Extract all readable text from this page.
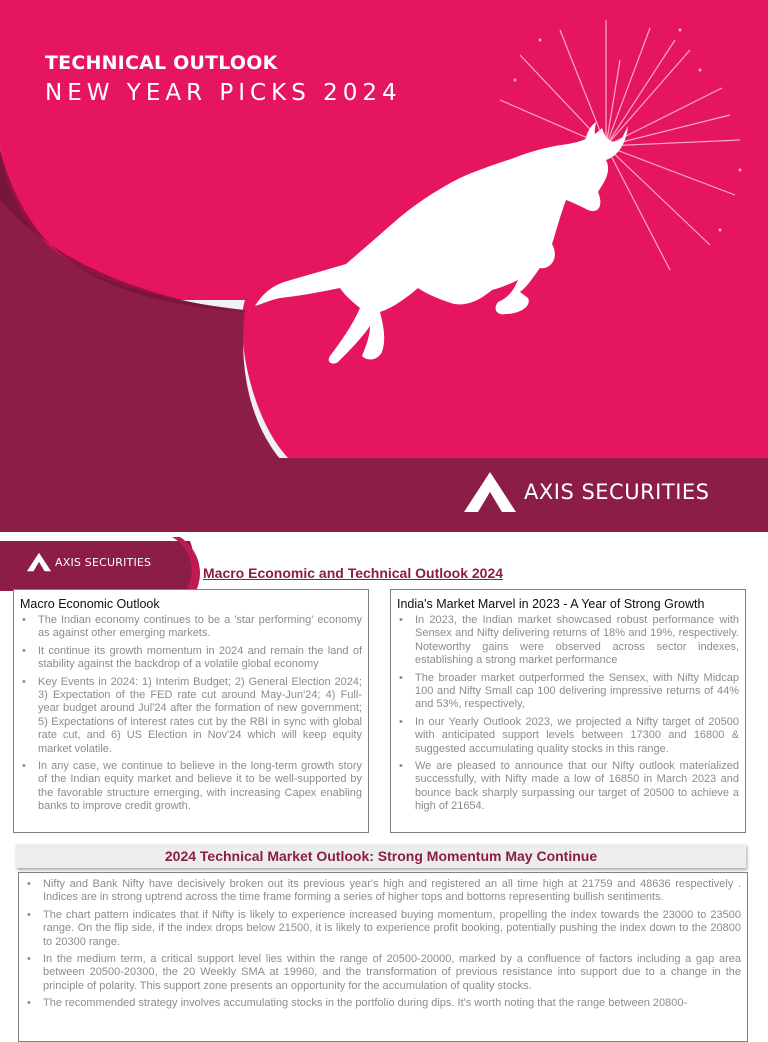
TECHNICAL OUTLOOK
NEW YEAR PICKS 2024
AXIS SECURITIES
AXIS SECURITIES
Macro Economic and Technical Outlook 2024
Macro Economic Outlook
• The Indian economy continues to be a 'star performing' economy as against other emerging markets.
• It continue its growth momentum in 2024 and remain the land of stability against the backdrop of a volatile global economy
• Key Events in 2024: 1) Interim Budget; 2) General Election 2024; 3) Expectation of the FED rate cut around May-Jun'24; 4) Full-year budget around Jul'24 after the formation of new government; 5) Expectations of interest rates cut by the RBI in sync with global rate cut, and 6) US Election in Nov'24 which will keep equity market volatile.
• In any case, we continue to believe in the long-term growth story of the Indian equity market and believe it to be well-supported by the favorable structure emerging, with increasing Capex enabling banks to improve credit growth.
India's Market Marvel in 2023 - A Year of Strong Growth
• In 2023, the Indian market showcased robust performance with Sensex and Nifty delivering returns of 18% and 19%, respectively. Noteworthy gains were observed across sector indexes, establishing a strong market performance
• The broader market outperformed the Sensex, with Nifty Midcap 100 and Nifty Small cap 100 delivering impressive returns of 44% and 53%, respectively,
• In our Yearly Outlook 2023, we projected a Nifty target of 20500 with anticipated support levels between 17300 and 16800 & suggested accumulating quality stocks in this range.
• We are pleased to announce that our Nifty outlook materialized successfully, with Nifty made a low of 16850 in March 2023 and bounce back sharply surpassing our target of 20500 to achieve a high of 21654.
2024 Technical Market Outlook: Strong Momentum May Continue
• Nifty and Bank Nifty have decisively broken out its previous year's high and registered an all time high at 21759 and 48636 respectively . Indices are in strong uptrend across the time frame forming a series of higher tops and bottoms representing bullish sentiments.
• The chart pattern indicates that if Nifty is likely to experience increased buying momentum, propelling the index towards the 23000 to 23500 range. On the flip side, if the index drops below 21500, it is likely to experience profit booking, potentially pushing the index down to the 20800 to 20300 range.
• In the medium term, a critical support level lies within the range of 20500-20000, marked by a confluence of factors including a gap area between 20500-20300, the 20 Weekly SMA at 19960, and the transformation of previous resistance into support due to a change in the principle of polarity. This support zone presents an opportunity for the accumulation of quality stocks.
• The recommended strategy involves accumulating stocks in the portfolio during dips. It's worth noting that the range between 20800-
